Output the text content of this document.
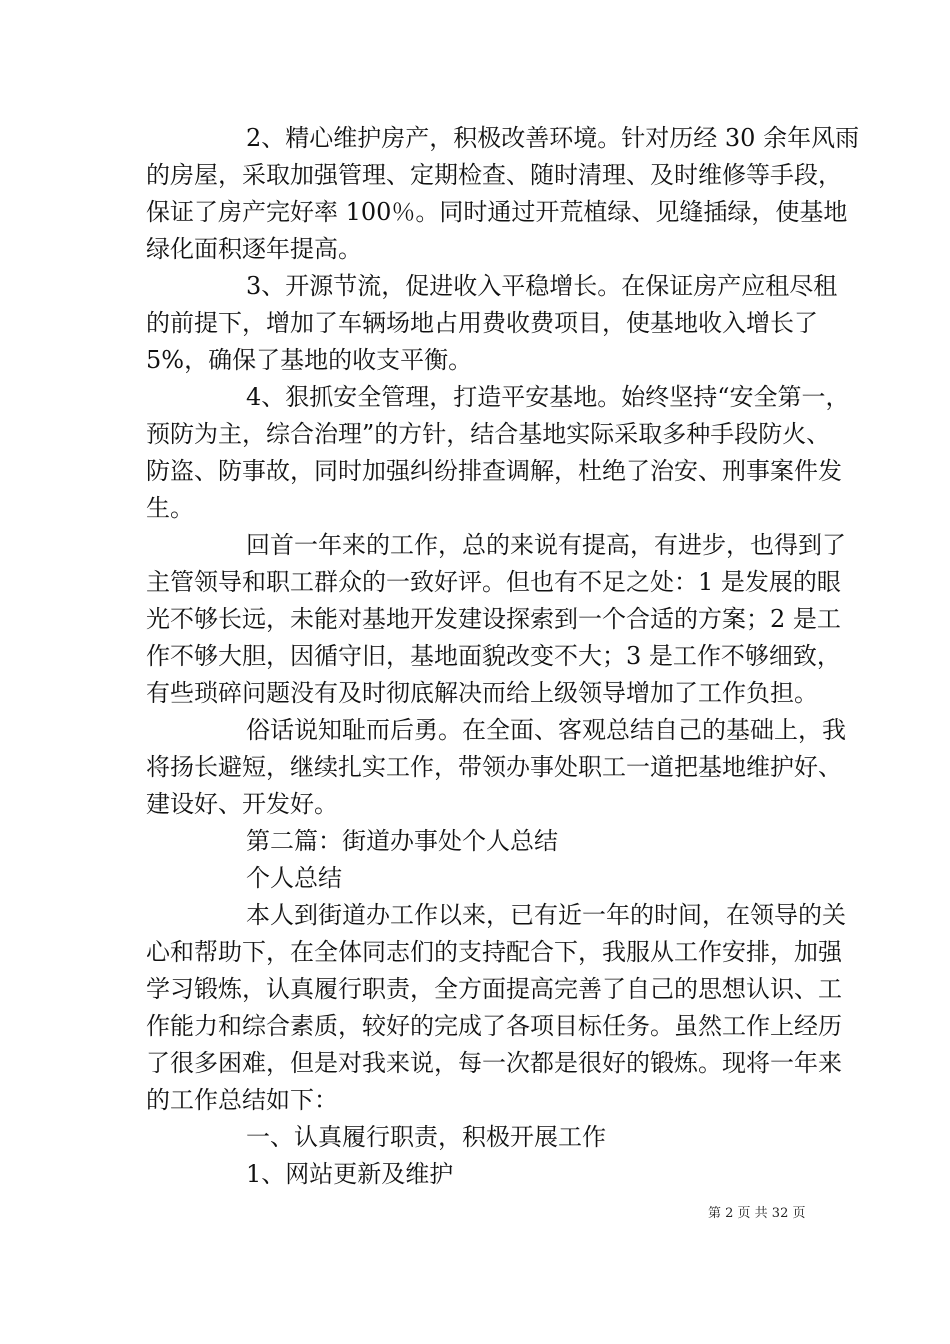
2、精心维护房产，积极改善环境。针对历经 30 余年风雨
的房屋，采取加强管理、定期检查、随时清理、及时维修等手段，
保证了房产完好率 100％。同时通过开荒植绿、见缝插绿，使基地
绿化面积逐年提高。

3、开源节流，促进收入平稳增长。在保证房产应租尽租
的前提下，增加了车辆场地占用费收费项目，使基地收入增长了
5%，确保了基地的收支平衡。

4、狠抓安全管理，打造平安基地。始终坚持“安全第一，
预防为主，综合治理”的方针，结合基地实际采取多种手段防火、
防盗、防事故，同时加强纠纷排查调解，杜绝了治安、刑事案件发
生。

回首一年来的工作，总的来说有提高，有进步，也得到了
主管领导和职工群众的一致好评。但也有不足之处：1 是发展的眼
光不够长远，未能对基地开发建设探索到一个合适的方案；2 是工
作不够大胆，因循守旧，基地面貌改变不大；3 是工作不够细致，
有些琐碎问题没有及时彻底解决而给上级领导增加了工作负担。

俗话说知耻而后勇。在全面、客观总结自己的基础上，我
将扬长避短，继续扎实工作，带领办事处职工一道把基地维护好、
建设好、开发好。

第二篇：街道办事处个人总结

个人总结

本人到街道办工作以来，已有近一年的时间，在领导的关
心和帮助下，在全体同志们的支持配合下，我服从工作安排，加强
学习锻炼，认真履行职责，全方面提高完善了自己的思想认识、工
作能力和综合素质，较好的完成了各项目标任务。虽然工作上经历
了很多困难，但是对我来说，每一次都是很好的锻炼。现将一年来
的工作总结如下：

一、认真履行职责，积极开展工作

1、网站更新及维护

第 2 页 共 32 页
